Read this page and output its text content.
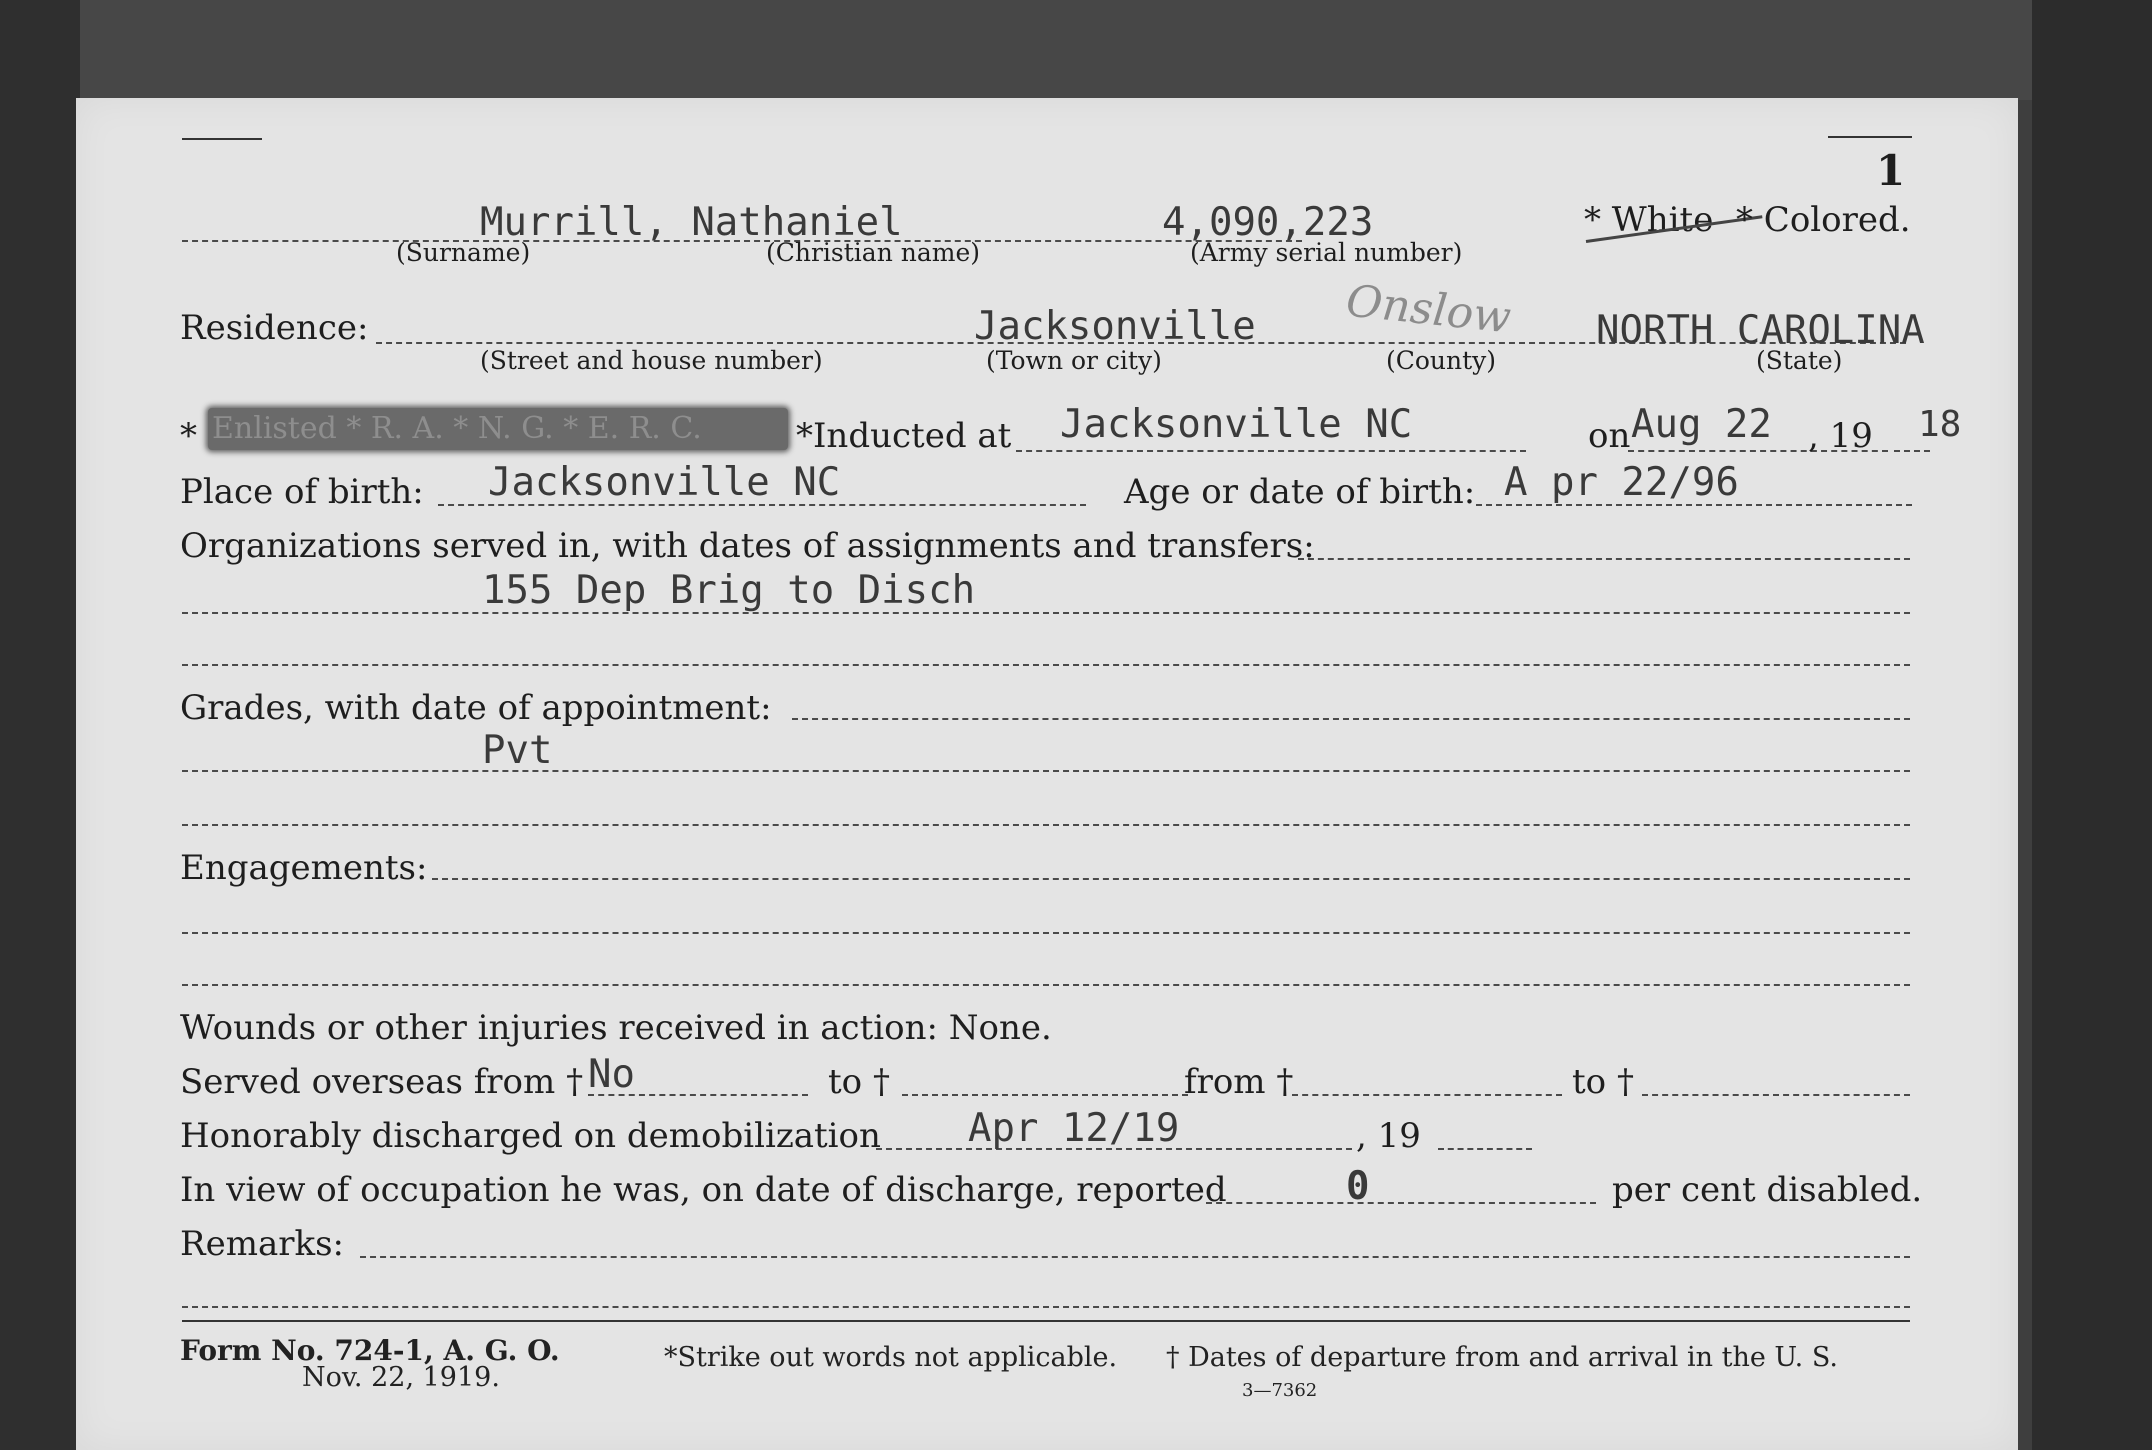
1
Murrill, Nathaniel	4,090,223
(Surname)	(Christian name)	(Army serial number)
* White * Colored.
Residence:	Jacksonville Onslow NORTH CAROLINA
(Street and house number)	(Town or city)	(County)	(State)
* Enlisted * R. A. * N. G. * E. R. C.	*Inducted at Jacksonville NC	on Aug 22 , 19 18
Place of birth: Jacksonville NC	Age or date of birth: A pr 22/96
Organizations served in, with dates of assignments and transfers:
155 Dep Brig to Disch
Grades, with date of appointment:
Pvt
Engagements:
Wounds or other injuries received in action: None.
Served overseas from † No	to †	from †	to †
Honorably discharged on demobilization Apr 12/19	, 19
In view of occupation he was, on date of discharge, reported	0	per cent disabled.
Remarks:
Form No. 724-1, A. G. O.
Nov. 22, 1919.
*Strike out words not applicable. † Dates of departure from and arrival in the U. S.
3—7362
